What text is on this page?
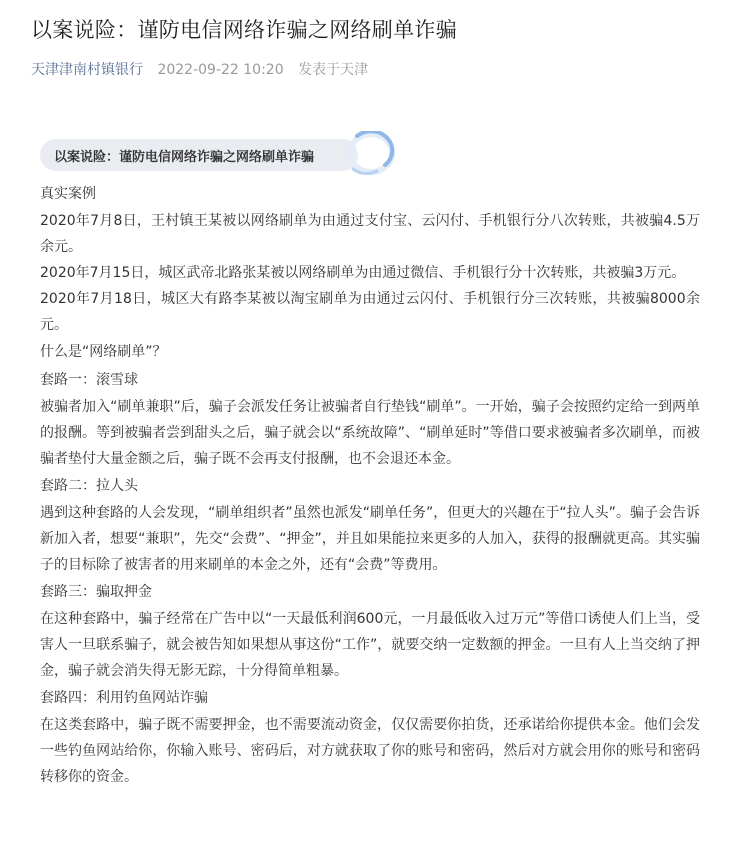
以案说险：谨防电信网络诈骗之网络刷单诈骗
天津津南村镇银行 2022-09-22 10:20 发表于天津
以案说险：谨防电信网络诈骗之网络刷单诈骗

真实案例

2020年7月8日，王村镇王某被以网络刷单为由通过支付宝、云闪付、手机银行分八次转账，共被骗4.5万余元。

2020年7月15日，城区武帝北路张某被以网络刷单为由通过微信、手机银行分十次转账，共被骗3万元。

2020年7月18日，城区大有路李某被以淘宝刷单为由通过云闪付、手机银行分三次转账，共被骗8000余元。

什么是“网络刷单”？

套路一：滚雪球

被骗者加入“刷单兼职”后，骗子会派发任务让被骗者自行垫钱“刷单”。一开始，骗子会按照约定给一到两单的报酬。等到被骗者尝到甜头之后，骗子就会以“系统故障”、“刷单延时”等借口要求被骗者多次刷单，而被骗者垫付大量金额之后，骗子既不会再支付报酬，也不会退还本金。

套路二：拉人头

遇到这种套路的人会发现，“刷单组织者”虽然也派发“刷单任务”，但更大的兴趣在于“拉人头”。骗子会告诉新加入者，想要“兼职”，先交“会费”、“押金”，并且如果能拉来更多的人加入，获得的报酬就更高。其实骗子的目标除了被害者的用来刷单的本金之外，还有“会费”等费用。

套路三：骗取押金

在这种套路中，骗子经常在广告中以“一天最低利润600元，一月最低收入过万元”等借口诱使人们上当，受害人一旦联系骗子，就会被告知如果想从事这份“工作”，就要交纳一定数额的押金。一旦有人上当交纳了押金，骗子就会消失得无影无踪，十分得简单粗暴。

套路四：利用钓鱼网站诈骗

在这类套路中，骗子既不需要押金，也不需要流动资金，仅仅需要你拍货，还承诺给你提供本金。他们会发一些钓鱼网站给你，你输入账号、密码后，对方就获取了你的账号和密码，然后对方就会用你的账号和密码转移你的资金。
